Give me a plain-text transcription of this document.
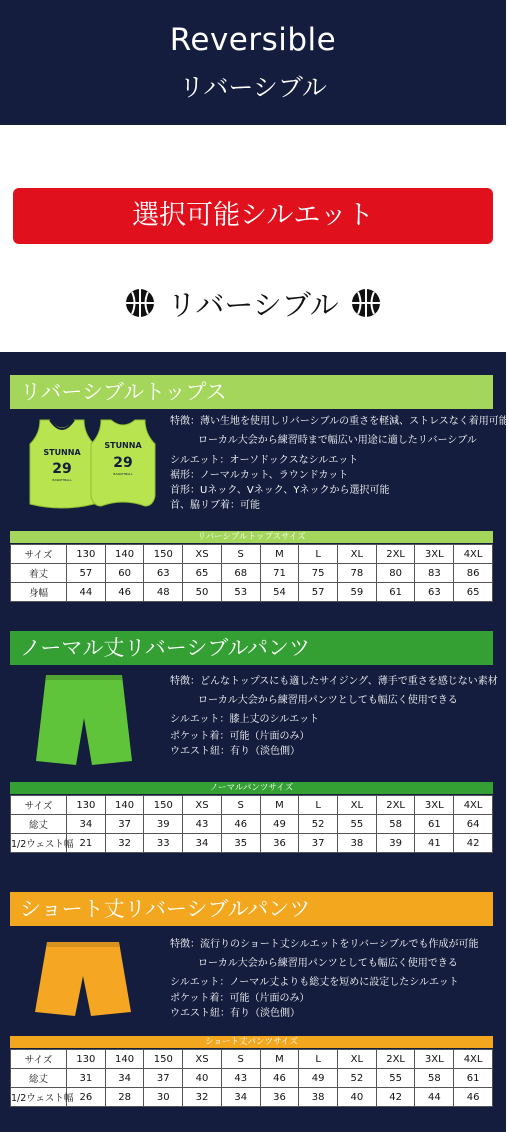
Reversible
リバーシブル
選択可能シルエット
リバーシブル
リバーシブルトップス
STUNNA
29
BASKETBALL
STUNNA
29
BASKETBALL
特徴：薄い生地を使用しリバーシブルの重さを軽減、ストレスなく着用可能
ローカル大会から練習時まで幅広い用途に適したリバーシブル
シルエット：オーソドックスなシルエット
裾形：ノーマルカット、ラウンドカット
首形：Uネック、Vネック、Yネックから選択可能
首、脇リブ着：可能
リバーシブルトップスサイズ
サイズ	130	140	150	XS	S	M	L	XL	2XL	3XL	4XL
着丈	57	60	63	65	68	71	75	78	80	83	86
身幅	44	46	48	50	53	54	57	59	61	63	65
ノーマル丈リバーシブルパンツ
特徴：どんなトップスにも適したサイジング、薄手で重さを感じない素材
ローカル大会から練習用パンツとしても幅広く使用できる
シルエット：膝上丈のシルエット
ポケット着：可能（片面のみ）
ウエスト紐：有り（淡色側）
ノーマルパンツサイズ
サイズ	130	140	150	XS	S	M	L	XL	2XL	3XL	4XL
総丈	34	37	39	43	46	49	52	55	58	61	64
1/2ウェスト幅	21	32	33	34	35	36	37	38	39	41	42
ショート丈リバーシブルパンツ
特徴：流行りのショート丈シルエットをリバーシブルでも作成が可能
ローカル大会から練習用パンツとしても幅広く使用できる
シルエット：ノーマル丈よりも総丈を短めに設定したシルエット
ポケット着：可能（片面のみ）
ウエスト紐：有り（淡色側）
ショート丈パンツサイズ
サイズ	130	140	150	XS	S	M	L	XL	2XL	3XL	4XL
総丈	31	34	37	40	43	46	49	52	55	58	61
1/2ウェスト幅	26	28	30	32	34	36	38	40	42	44	46
